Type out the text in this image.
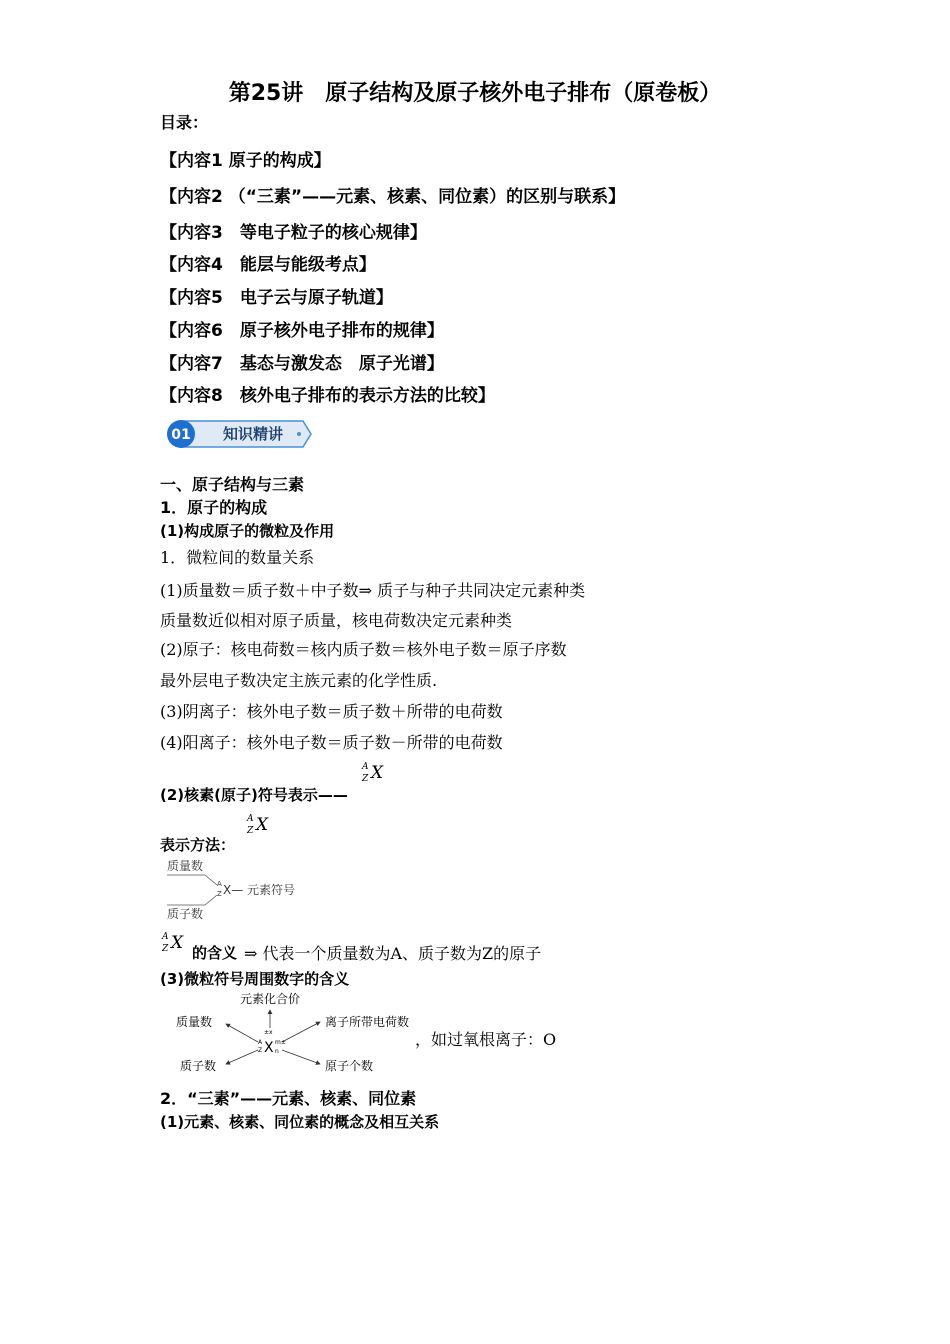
第25讲　原子结构及原子核外电子排布（原卷板）
目录：
【内容1 原子的构成】
【内容2 （“三素”——元素、核素、同位素）的区别与联系】
【内容3　等电子粒子的核心规律】
【内容4　能层与能级考点】
【内容5　电子云与原子轨道】
【内容6　原子核外电子排布的规律】
【内容7　基态与激发态　原子光谱】
【内容8　核外电子排布的表示方法的比较】
01 知识精讲
一、原子结构与三素
1．原子的构成
(1)构成原子的微粒及作用
1．微粒间的数量关系
(1)质量数＝质子数＋中子数⇒ 质子与种子共同决定元素种类
质量数近似相对原子质量，核电荷数决定元素种类
(2)原子：核电荷数＝核内质子数＝核外电子数＝原子序数
最外层电子数决定主族元素的化学性质.
(3)阴离子：核外电子数＝质子数＋所带的电荷数
(4)阳离子：核外电子数＝质子数－所带的电荷数
(2)核素(原子)符号表示——
A
Z X
表示方法：
A
Z X
质量数
质子数
A
Z X— 元素符号
A
Z X 的含义 ⇒ 代表一个质量数为A、质子数为Z的原子
(3)微粒符号周围数字的含义
元素化合价
质量数	离子所带电荷数
质子数	原子个数
±x
A
Z X m±
n
，如过氧根离子：O
2．“三素”——元素、核素、同位素
(1)元素、核素、同位素的概念及相互关系
